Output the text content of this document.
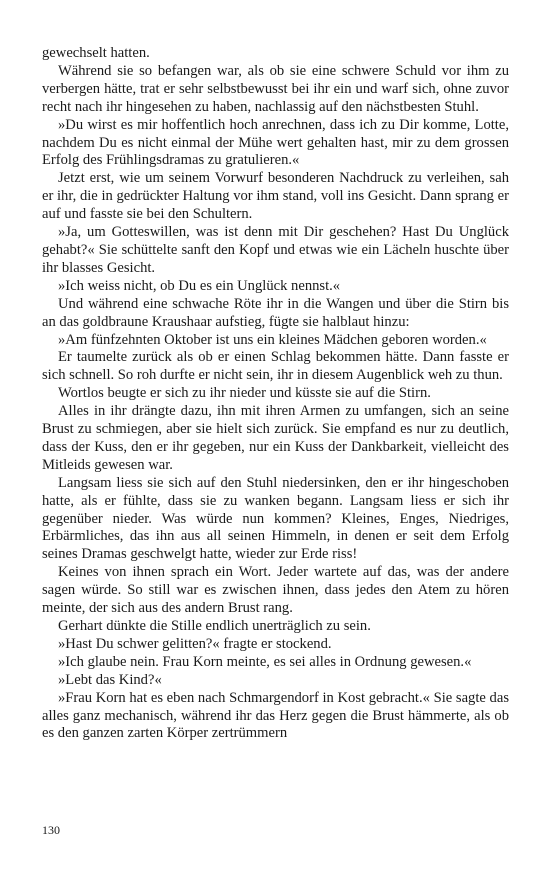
gewechselt hatten.

Während sie so befangen war, als ob sie eine schwere Schuld vor ihm zu verbergen hätte, trat er sehr selbstbewusst bei ihr ein und warf sich, ohne zuvor recht nach ihr hingesehen zu haben, nachlassig auf den nächstbesten Stuhl.

»Du wirst es mir hoffentlich hoch anrechnen, dass ich zu Dir komme, Lotte, nachdem Du es nicht einmal der Mühe wert gehalten hast, mir zu dem grossen Erfolg des Frühlingsdramas zu gratulieren.«

Jetzt erst, wie um seinem Vorwurf besonderen Nachdruck zu verleihen, sah er ihr, die in gedrückter Haltung vor ihm stand, voll ins Gesicht. Dann sprang er auf und fasste sie bei den Schultern.

»Ja, um Gotteswillen, was ist denn mit Dir geschehen? Hast Du Unglück gehabt?« Sie schüttelte sanft den Kopf und etwas wie ein Lächeln huschte über ihr blasses Gesicht.

»Ich weiss nicht, ob Du es ein Unglück nennst.«

Und während eine schwache Röte ihr in die Wangen und über die Stirn bis an das goldbraune Kraushaar aufstieg, fügte sie halblaut hinzu:

»Am fünfzehnten Oktober ist uns ein kleines Mädchen geboren worden.«

Er taumelte zurück als ob er einen Schlag bekommen hätte. Dann fasste er sich schnell. So roh durfte er nicht sein, ihr in diesem Augenblick weh zu thun.

Wortlos beugte er sich zu ihr nieder und küsste sie auf die Stirn.

Alles in ihr drängte dazu, ihn mit ihren Armen zu umfangen, sich an seine Brust zu schmiegen, aber sie hielt sich zurück. Sie empfand es nur zu deutlich, dass der Kuss, den er ihr gegeben, nur ein Kuss der Dankbarkeit, vielleicht des Mitleids gewesen war.

Langsam liess sie sich auf den Stuhl niedersinken, den er ihr hingeschoben hatte, als er fühlte, dass sie zu wanken begann. Langsam liess er sich ihr gegenüber nieder. Was würde nun kommen? Kleines, Enges, Niedriges, Erbärmliches, das ihn aus all seinen Himmeln, in denen er seit dem Erfolg seines Dramas geschwelgt hatte, wieder zur Erde riss!

Keines von ihnen sprach ein Wort. Jeder wartete auf das, was der andere sagen würde. So still war es zwischen ihnen, dass jedes den Atem zu hören meinte, der sich aus des andern Brust rang.

Gerhart dünkte die Stille endlich unerträglich zu sein.

»Hast Du schwer gelitten?« fragte er stockend.

»Ich glaube nein. Frau Korn meinte, es sei alles in Ordnung gewesen.«

»Lebt das Kind?«

»Frau Korn hat es eben nach Schmargendorf in Kost gebracht.« Sie sagte das alles ganz mechanisch, während ihr das Herz gegen die Brust hämmerte, als ob es den ganzen zarten Körper zertrümmern

130
